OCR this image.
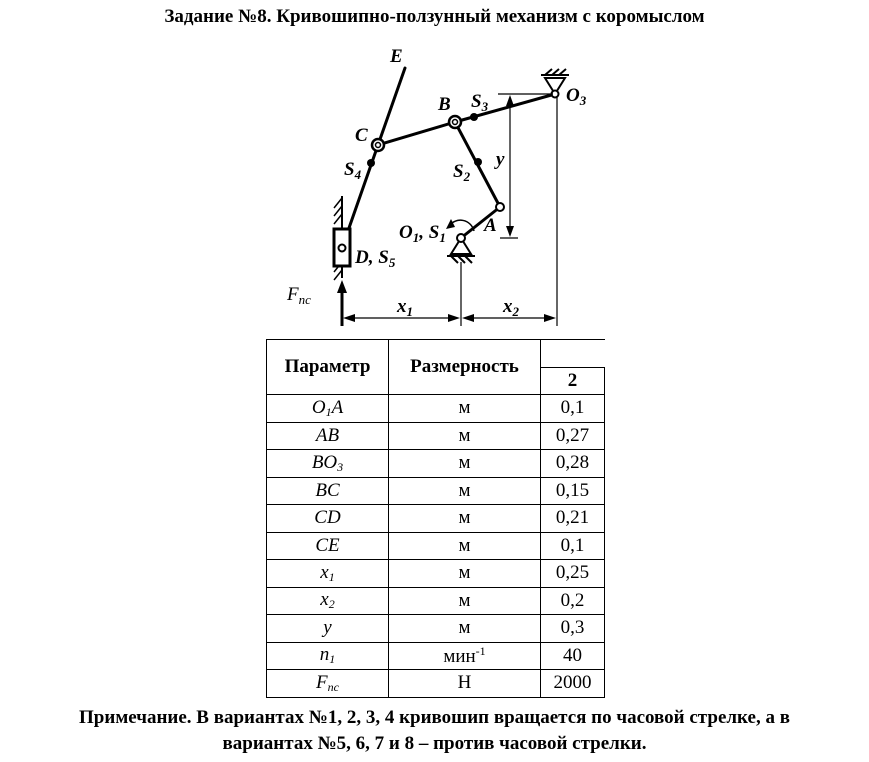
Задание №8. Кривошипно-ползунный механизм с коромыслом
E
B $S_3$
$O_3$
C
y
$S_4$	$S_2$
$O_1$, $S_1$
A
D, $S_5$
$F_{пс}$	$x_1$	$x_2$
Параметр	Размерность	
		2
$O_1A$	м	0,1
AB	м	0,27
$BO_3$	м	0,28
BC	м	0,15
CD	м	0,21
CE	м	0,1
$x_1$	м	0,25
$x_2$	м	0,2
y	м	0,3
$n_1$	мин$^{-1}$	40
$F_{пс}$	Н	2000
Примечание. В вариантах №1, 2, 3, 4 кривошип вращается по часовой стрелке, а в
вариантах №5, 6, 7 и 8 – против часовой стрелки.
